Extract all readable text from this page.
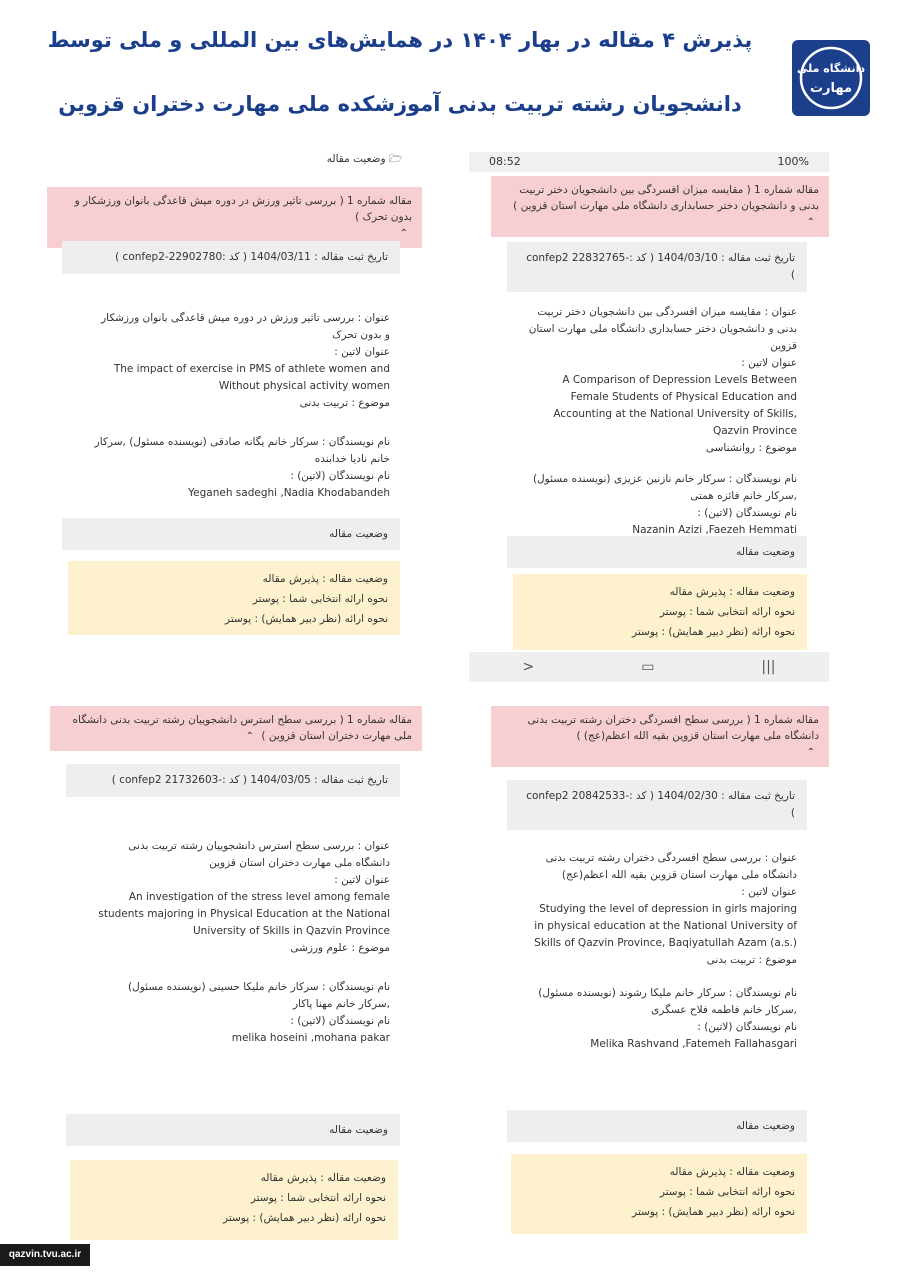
پذیرش ۴ مقاله در بهار ۱۴۰۴ در همایش‌های بین المللی و ملی توسط
دانشجویان رشته تربیت بدنی آموزشکده ملی مهارت دختران قزوین
دانشگاه ملی
مهارت
🗁 وضعیت مقاله
مقاله شماره 1 ( بررسی تاثیر ورزش در دوره میش قاعدگی بانوان ورزشکار و بدون تحرک )
⌃
تاریخ ثبت مقاله : 1404/03/11 ( کد :confep2-22902780 )
عنوان : بررسی تاثیر ورزش در دوره میش قاعدگی بانوان ورزشکار و بدون تحرک
عنوان لاتین :
The impact of exercise in PMS of athlete women and Without physical activity women
موضوع : تربیت بدنی
نام نویسندگان : سرکار خانم یگانه صادقی (نویسنده مسئول) ,سرکار خانم نادیا خدابنده
نام نویسندگان (لاتین) :
Yeganeh sadeghi ,Nadia Khodabandeh
وضعیت مقاله
وضعیت مقاله : پذیرش مقاله
نحوه ارائه انتخابی شما : پوستر
نحوه ارائه (نظر دبیر همایش) : پوستر
08:52	100%
مقاله شماره 1 ( مقایسه میزان افسردگی بین دانشجویان دختر تربیت بدنی و دانشجویان دختر حسابداری دانشگاه ملی مهارت استان قزوین )
⌃
تاریخ ثبت مقاله : 1404/03/10 ( کد :-confep2 22832765 )
عنوان : مقایسه میزان افسردگی بین دانشجویان دختر تربیت بدنی و دانشجویان دختر حسابداری دانشگاه ملی مهارت استان قزوین
عنوان لاتین :
A Comparison of Depression Levels Between Female Students of Physical Education and Accounting at the National University of Skills, Qazvin Province
موضوع : روانشناسی
نام نویسندگان : سرکار خانم نازنین عزیزی (نویسنده مسئول) ,سرکار خانم فائزه همتی
نام نویسندگان (لاتین) :
Nazanin Azizi ,Faezeh Hemmati
وضعیت مقاله
وضعیت مقاله : پذیرش مقاله
نحوه ارائه انتخابی شما : پوستر
نحوه ارائه (نظر دبیر همایش) : پوستر
|||
▭
<
مقاله شماره 1 ( بررسی سطح استرس دانشجوییان رشته تربیت بدنی دانشگاه ملی مهارت دختران استان قزوین ) ⌃
تاریخ ثبت مقاله : 1404/03/05 ( کد :-confep2 21732603 )
عنوان : بررسی سطح استرس دانشجوییان رشته تربیت بدنی دانشگاه ملی مهارت دختران استان قزوین
عنوان لاتین :
An investigation of the stress level among female students majoring in Physical Education at the National University of Skills in Qazvin Province
موضوع : علوم ورزشی
نام نویسندگان : سرکار خانم ملیکا حسینی (نویسنده مسئول) ,سرکار خانم مهنا پاکار
نام نویسندگان (لاتین) :
melika hoseini ,mohana pakar
وضعیت مقاله
وضعیت مقاله : پذیرش مقاله
نحوه ارائه انتخابی شما : پوستر
نحوه ارائه (نظر دبیر همایش) : پوستر
مقاله شماره 1 ( بررسی سطح افسردگی دختران رشته تربیت بدنی دانشگاه ملی مهارت استان قزوین بقیه الله اعظم(عج) )
⌃
تاریخ ثبت مقاله : 1404/02/30 ( کد :-confep2 20842533 )
عنوان : بررسی سطح افسردگی دختران رشته تربیت بدنی دانشگاه ملی مهارت استان قزوین بقیه الله اعظم(عج)
عنوان لاتین :
Studying the level of depression in girls majoring in physical education at the National University of Skills of Qazvin Province, Baqiyatullah Azam (a.s.)
موضوع : تربیت بدنی
نام نویسندگان : سرکار خانم ملیکا رشوند (نویسنده مسئول) ,سرکار خانم فاطمه فلاح عسگری
نام نویسندگان (لاتین) :
Melika Rashvand ,Fatemeh Fallahasgari
وضعیت مقاله
وضعیت مقاله : پذیرش مقاله
نحوه ارائه انتخابی شما : پوستر
نحوه ارائه (نظر دبیر همایش) : پوستر
qazvin.tvu.ac.ir
